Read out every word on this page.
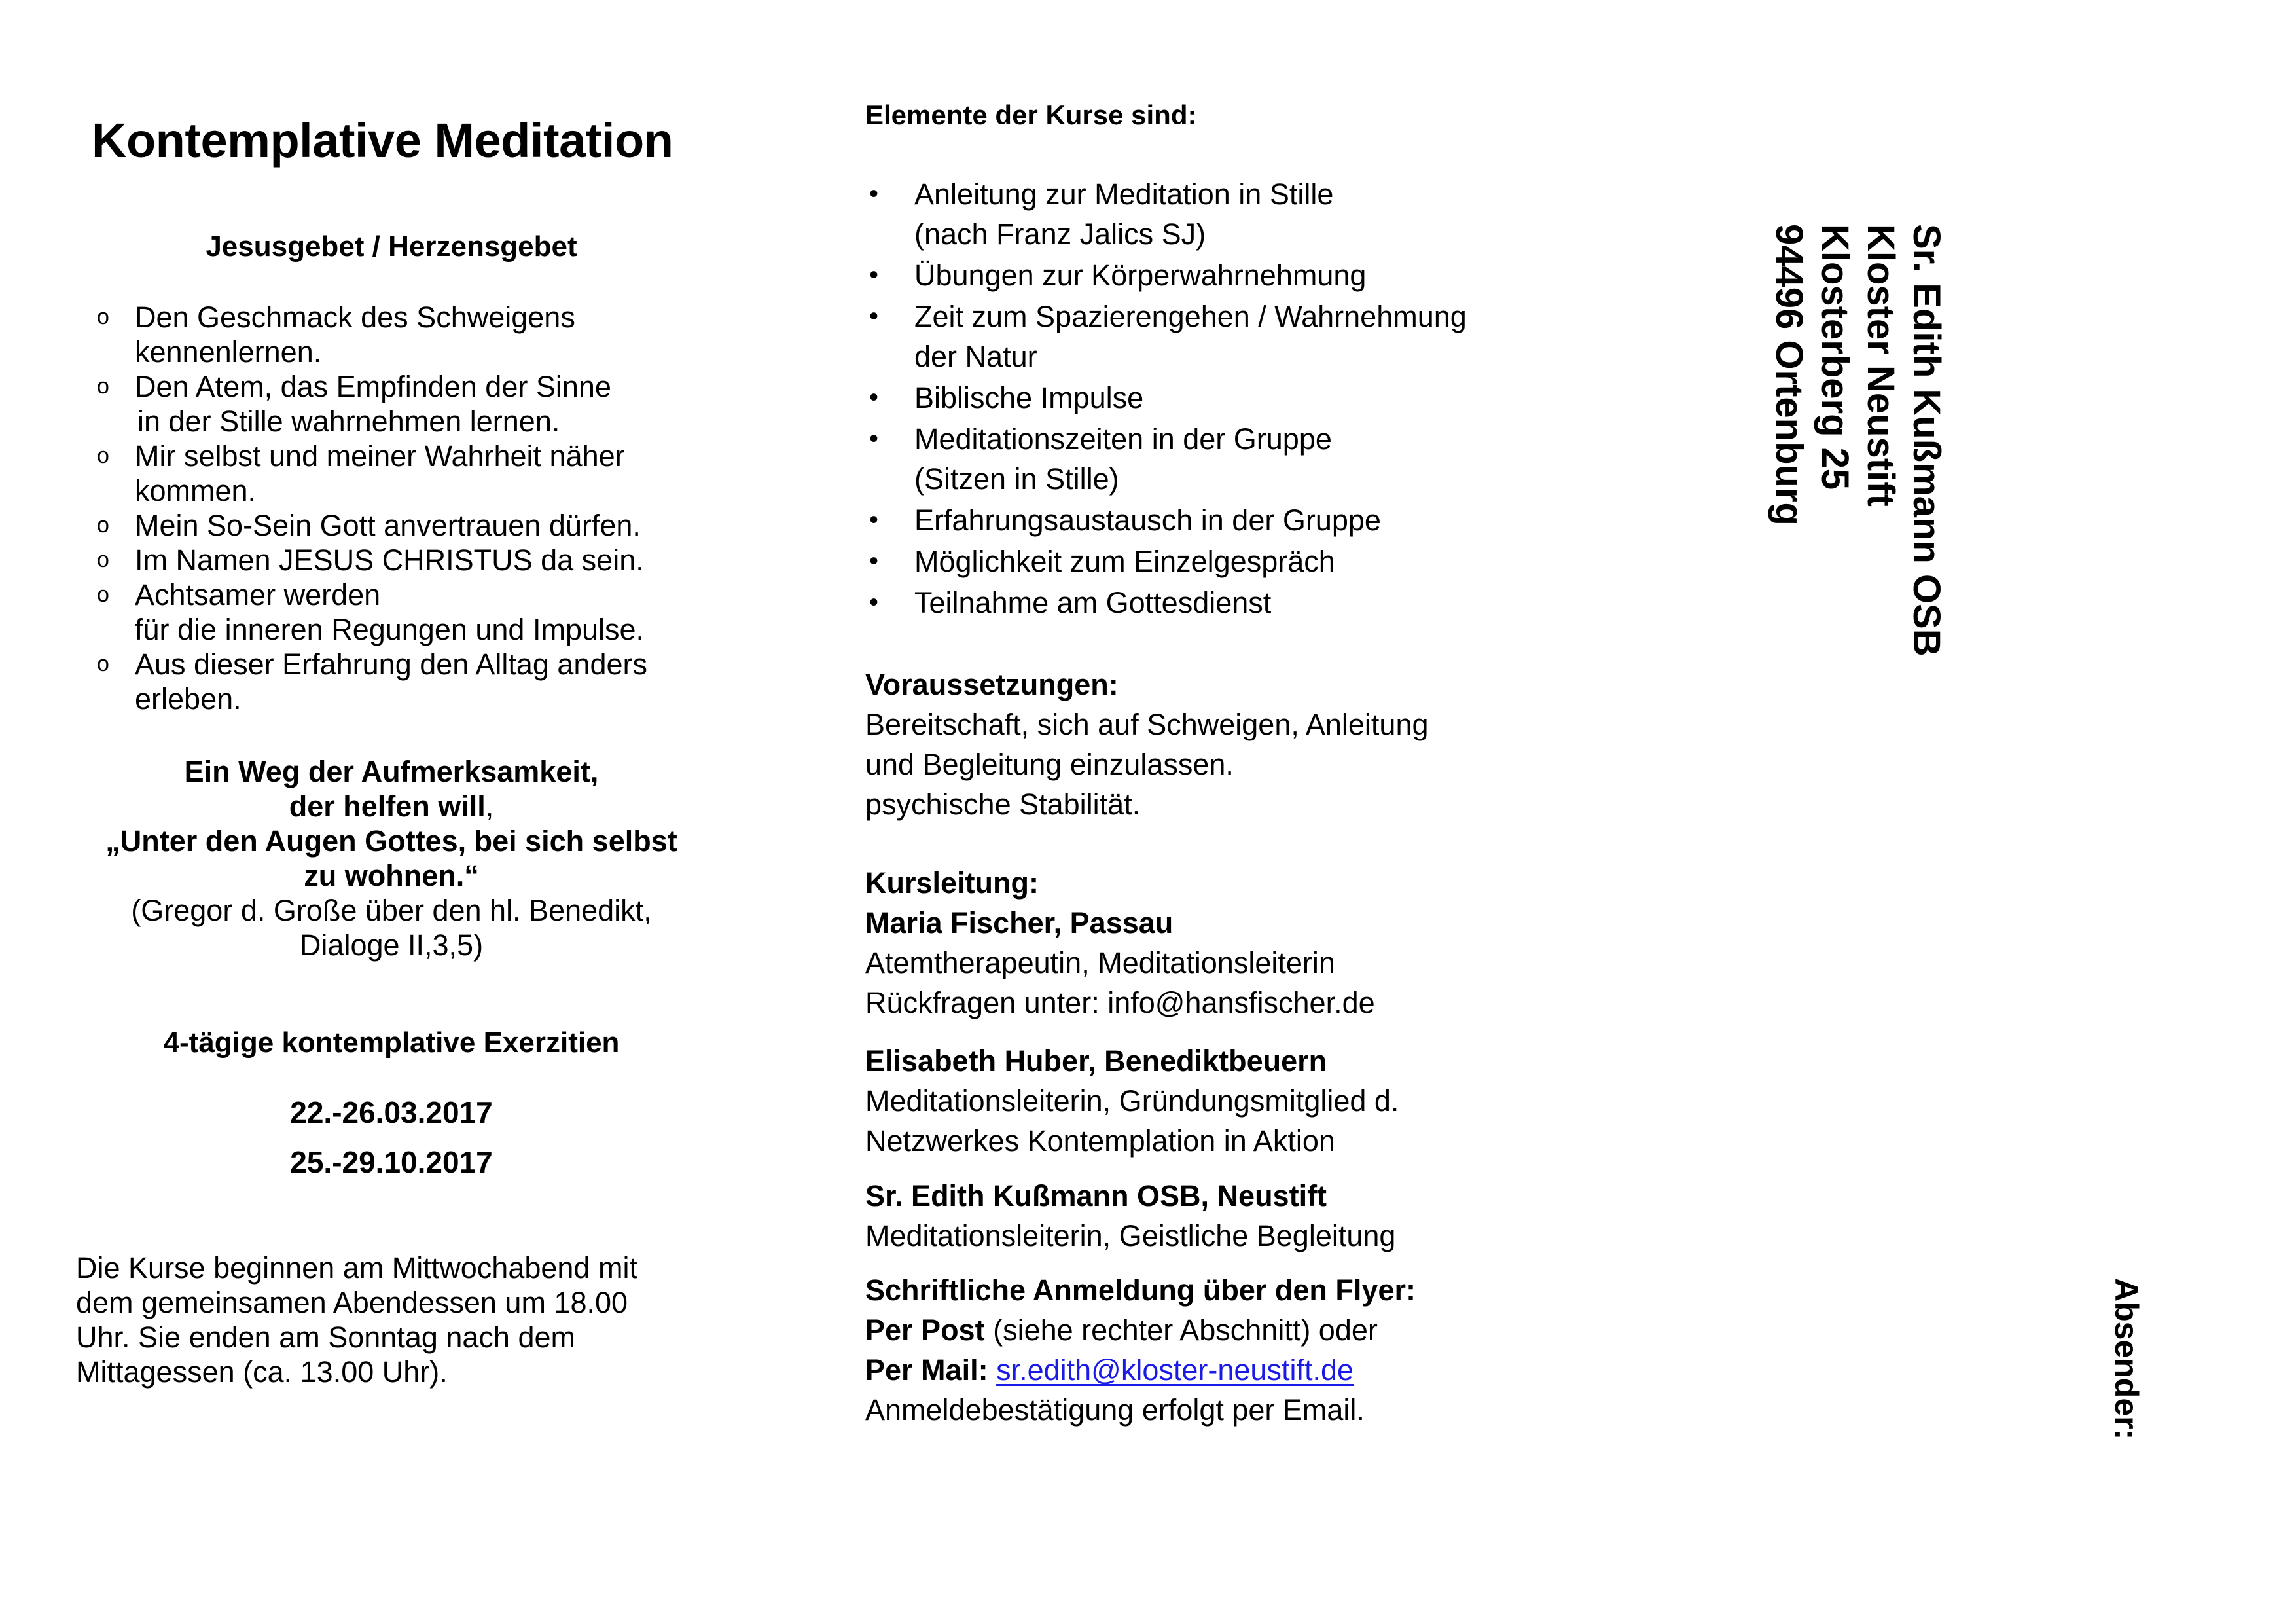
Kontemplative Meditation
Jesusgebet / Herzensgebet
o Den Geschmack des Schweigens
kennenlernen.
o Den Atem, das Empfinden der Sinne
in der Stille wahrnehmen lernen.
o Mir selbst und meiner Wahrheit näher
kommen.
o Mein So-Sein Gott anvertrauen dürfen.
o Im Namen JESUS CHRISTUS da sein.
o Achtsamer werden
für die inneren Regungen und Impulse.
o Aus dieser Erfahrung den Alltag anders
erleben.
Ein Weg der Aufmerksamkeit,
der helfen will,
„Unter den Augen Gottes, bei sich selbst
zu wohnen.“
(Gregor d. Große über den hl. Benedikt,
Dialoge II,3,5)
4-tägige kontemplative Exerzitien
22.-26.03.2017
25.-29.10.2017
Die Kurse beginnen am Mittwochabend mit
dem gemeinsamen Abendessen um 18.00
Uhr. Sie enden am Sonntag nach dem
Mittagessen (ca. 13.00 Uhr).
Elemente der Kurse sind:
• Anleitung zur Meditation in Stille
(nach Franz Jalics SJ)
• Übungen zur Körperwahrnehmung
• Zeit zum Spazierengehen / Wahrnehmung
der Natur
• Biblische Impulse
• Meditationszeiten in der Gruppe
(Sitzen in Stille)
• Erfahrungsaustausch in der Gruppe
• Möglichkeit zum Einzelgespräch
• Teilnahme am Gottesdienst
Voraussetzungen:
Bereitschaft, sich auf Schweigen, Anleitung
und Begleitung einzulassen.
psychische Stabilität.
Kursleitung:
Maria Fischer, Passau
Atemtherapeutin, Meditationsleiterin
Rückfragen unter: info@hansfischer.de
Elisabeth Huber, Benediktbeuern
Meditationsleiterin, Gründungsmitglied d.
Netzwerkes Kontemplation in Aktion
Sr. Edith Kußmann OSB, Neustift
Meditationsleiterin, Geistliche Begleitung
Schriftliche Anmeldung über den Flyer:
Per Post (siehe rechter Abschnitt) oder
Per Mail: sr.edith@kloster-neustift.de
Anmeldebestätigung erfolgt per Email.
Sr. Edith Kußmann OSB
Kloster Neustift
Klosterberg 25
94496 Ortenburg
Absender:
